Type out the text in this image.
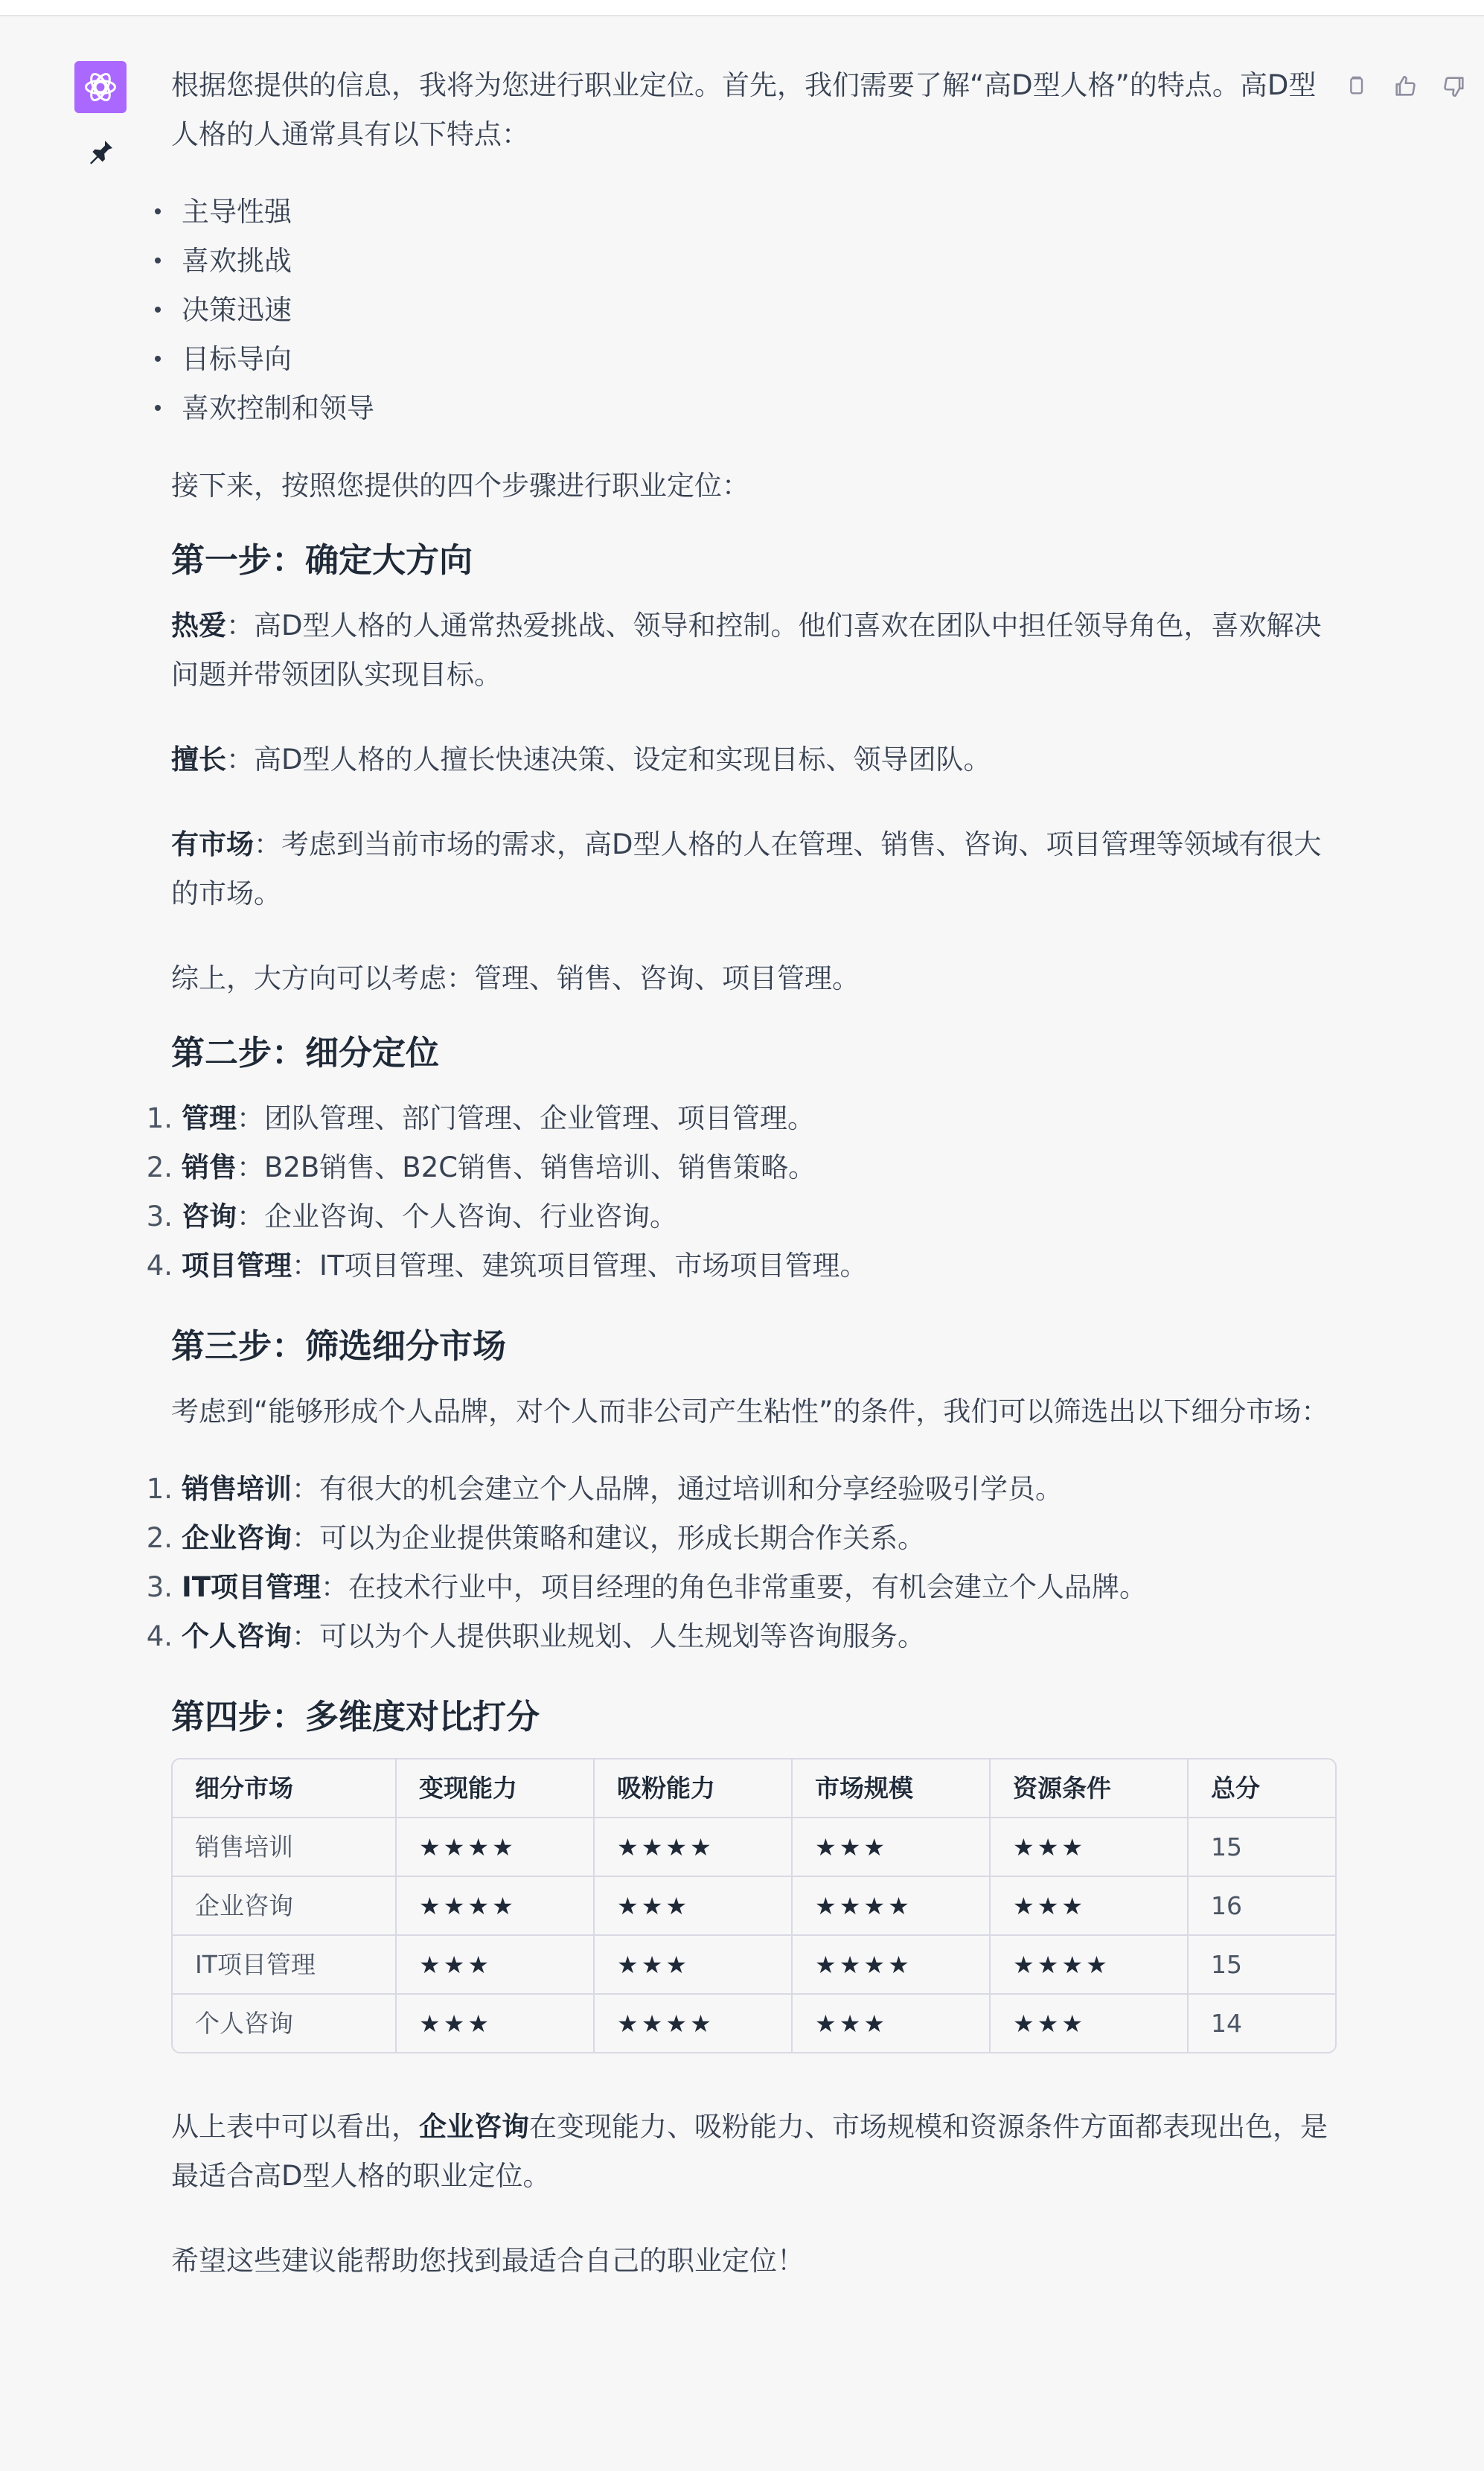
根据您提供的信息，我将为您进行职业定位。首先，我们需要了解“高D型人格”的特点。高D型人格的人通常具有以下特点：

主导性强
喜欢挑战
决策迅速
目标导向
喜欢控制和领导

接下来，按照您提供的四个步骤进行职业定位：

第一步：确定大方向

热爱：高D型人格的人通常热爱挑战、领导和控制。他们喜欢在团队中担任领导角色，喜欢解决问题并带领团队实现目标。

擅长：高D型人格的人擅长快速决策、设定和实现目标、领导团队。

有市场：考虑到当前市场的需求，高D型人格的人在管理、销售、咨询、项目管理等领域有很大的市场。

综上，大方向可以考虑：管理、销售、咨询、项目管理。

第二步：细分定位
1. 管理：团队管理、部门管理、企业管理、项目管理。
2. 销售：B2B销售、B2C销售、销售培训、销售策略。
3. 咨询：企业咨询、个人咨询、行业咨询。
4. 项目管理：IT项目管理、建筑项目管理、市场项目管理。
第三步：筛选细分市场

考虑到“能够形成个人品牌，对个人而非公司产生粘性”的条件，我们可以筛选出以下细分市场：

1. 销售培训：有很大的机会建立个人品牌，通过培训和分享经验吸引学员。
2. 企业咨询：可以为企业提供策略和建议，形成长期合作关系。
3. IT项目管理：在技术行业中，项目经理的角色非常重要，有机会建立个人品牌。
4. 个人咨询：可以为个人提供职业规划、人生规划等咨询服务。
第四步：多维度对比打分
细分市场	变现能力	吸粉能力	市场规模	资源条件	总分
销售培训	★★★★	★★★★	★★★	★★★	15
企业咨询	★★★★	★★★	★★★★	★★★	16
IT项目管理	★★★	★★★	★★★★	★★★★	15
个人咨询	★★★	★★★★	★★★	★★★	14

从上表中可以看出，企业咨询在变现能力、吸粉能力、市场规模和资源条件方面都表现出色，是最适合高D型人格的职业定位。

希望这些建议能帮助您找到最适合自己的职业定位！
